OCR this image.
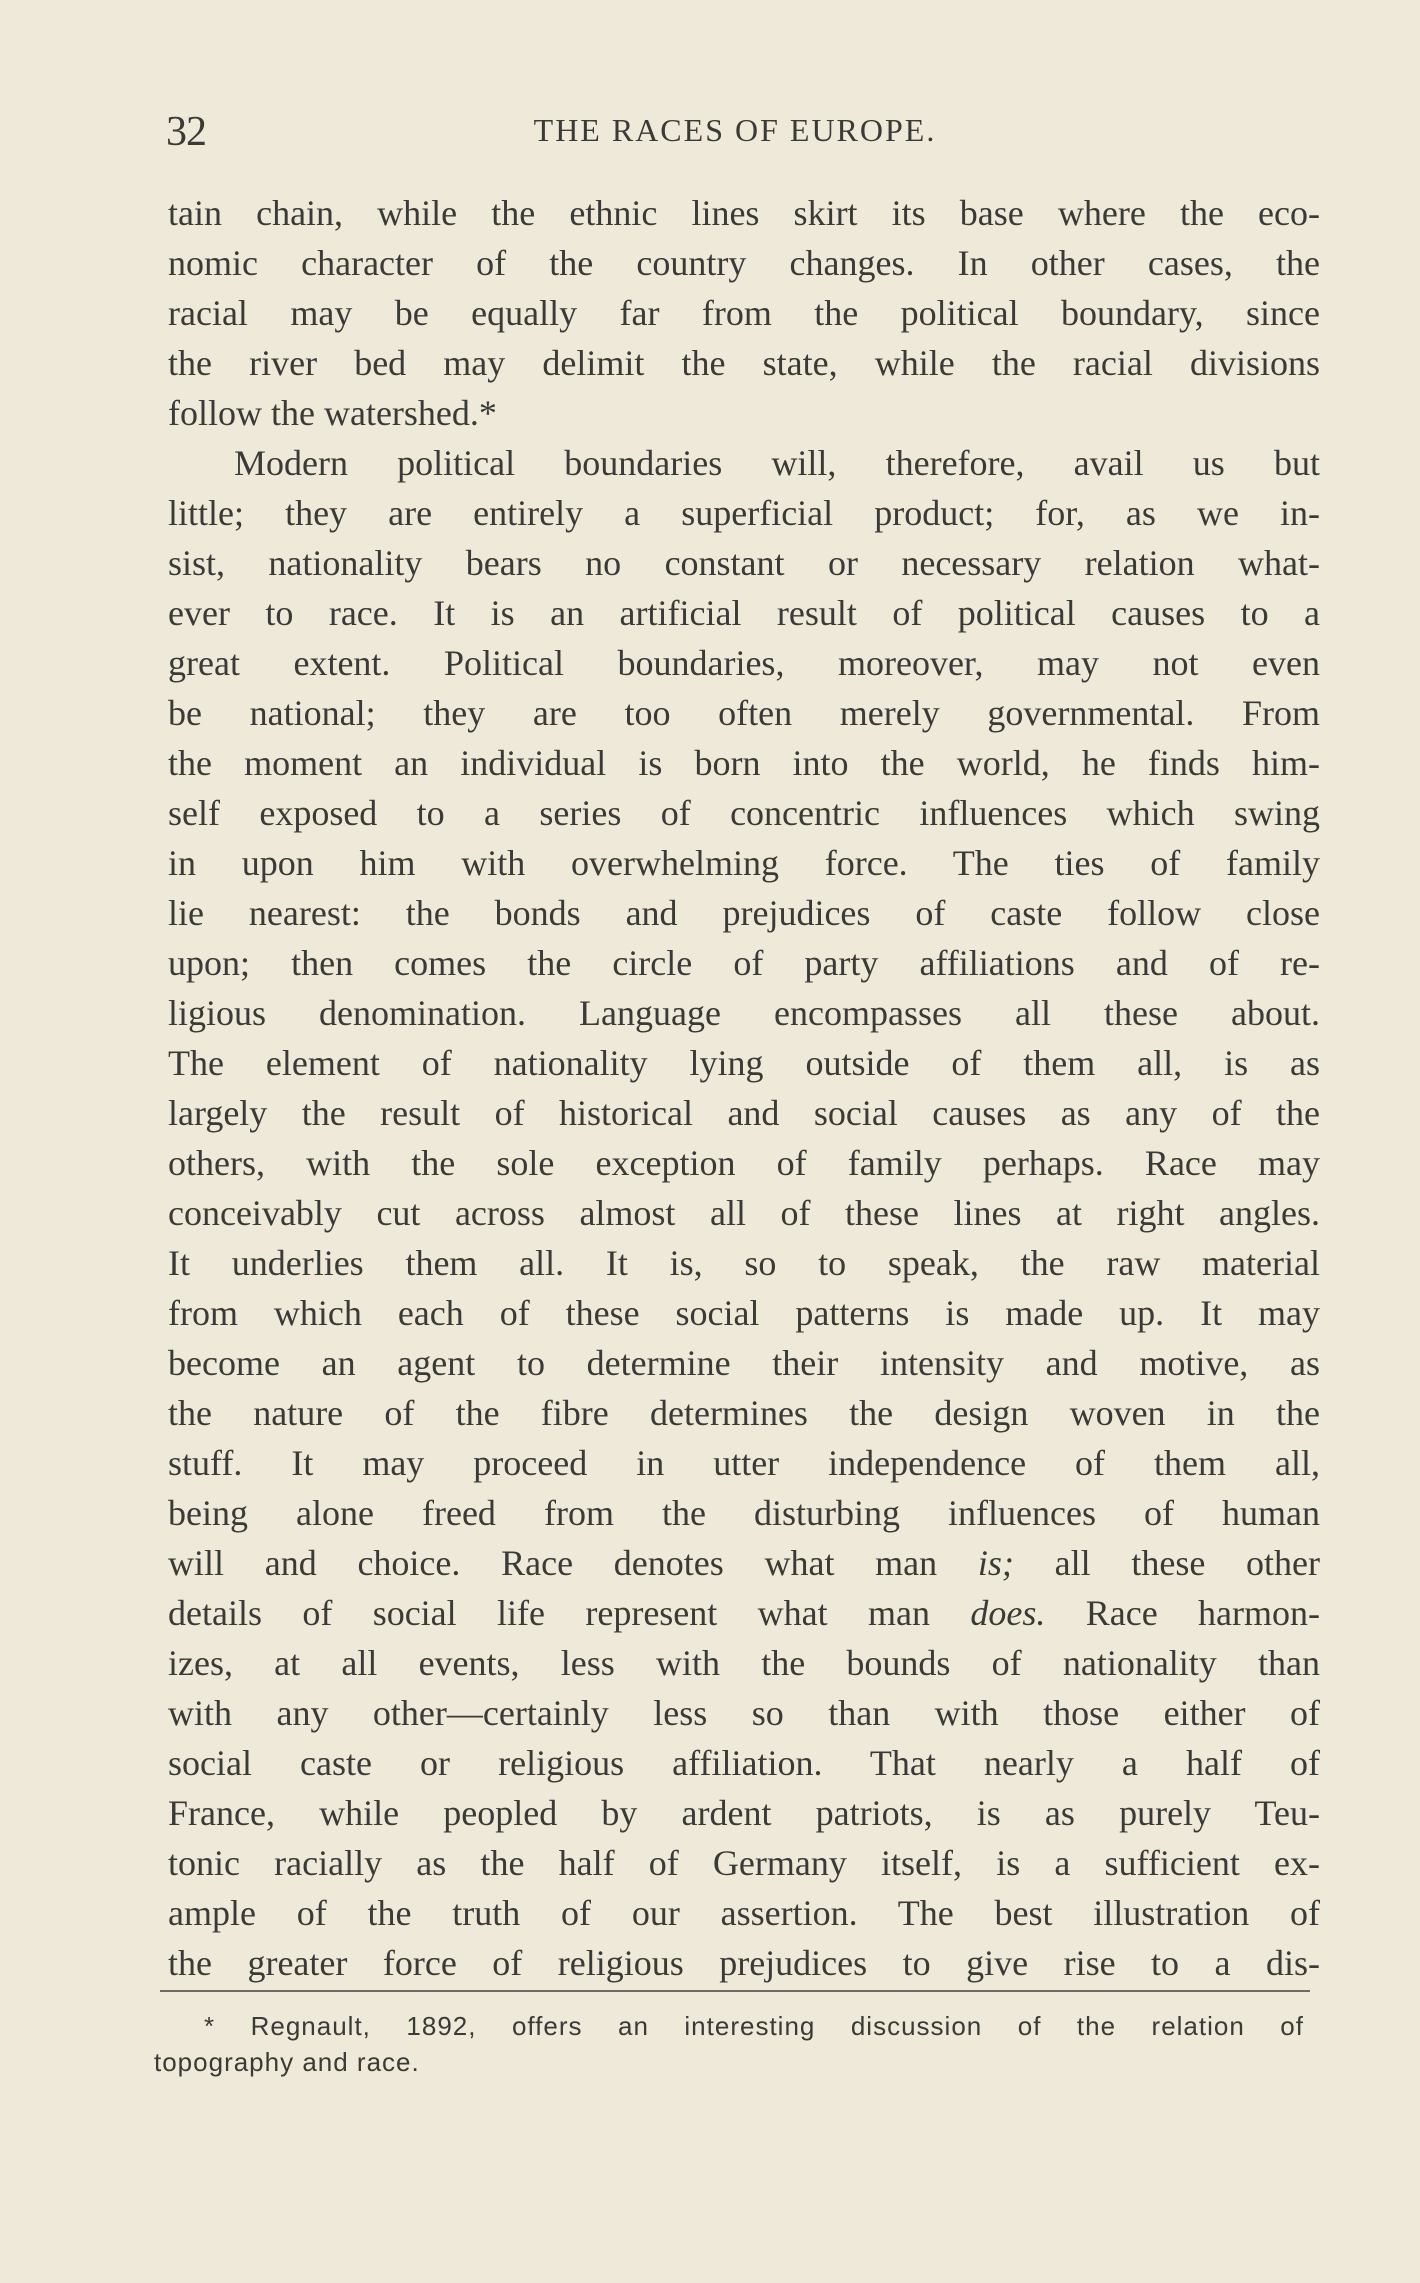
32	THE RACES OF EUROPE.
tain chain, while the ethnic lines skirt its base where the eco-
nomic character of the country changes. In other cases, the
racial may be equally far from the political boundary, since
the river bed may delimit the state, while the racial divisions
follow the watershed.*
Modern political boundaries will, therefore, avail us but
little; they are entirely a superficial product; for, as we in-
sist, nationality bears no constant or necessary relation what-
ever to race. It is an artificial result of political causes to a
great extent. Political boundaries, moreover, may not even
be national; they are too often merely governmental. From
the moment an individual is born into the world, he finds him-
self exposed to a series of concentric influences which swing
in upon him with overwhelming force. The ties of family
lie nearest: the bonds and prejudices of caste follow close
upon; then comes the circle of party affiliations and of re-
ligious denomination. Language encompasses all these about.
The element of nationality lying outside of them all, is as
largely the result of historical and social causes as any of the
others, with the sole exception of family perhaps. Race may
conceivably cut across almost all of these lines at right angles.
It underlies them all. It is, so to speak, the raw material
from which each of these social patterns is made up. It may
become an agent to determine their intensity and motive, as
the nature of the fibre determines the design woven in the
stuff. It may proceed in utter independence of them all,
being alone freed from the disturbing influences of human
will and choice. Race denotes what man is; all these other
details of social life represent what man does. Race harmon-
izes, at all events, less with the bounds of nationality than
with any other—certainly less so than with those either of
social caste or religious affiliation. That nearly a half of
France, while peopled by ardent patriots, is as purely Teu-
tonic racially as the half of Germany itself, is a sufficient ex-
ample of the truth of our assertion. The best illustration of
the greater force of religious prejudices to give rise to a dis-
* Regnault, 1892, offers an interesting discussion of the relation of
topography and race.
